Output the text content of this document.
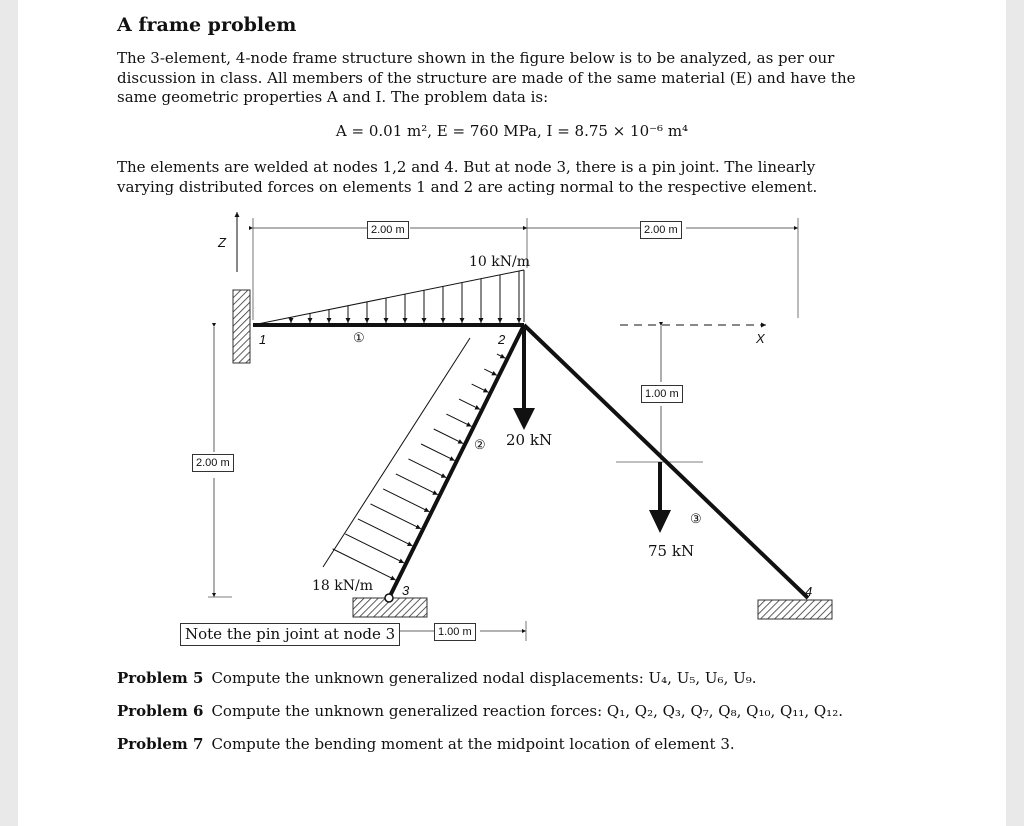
A frame problem
The 3-element, 4-node frame structure shown in the figure below is to be analyzed, as per our discussion in class. All members of the structure are made of the same material (E) and have the same geometric properties A and I. The problem data is:
A = 0.01 m², E = 760 MPa, I = 8.75 × 10⁻⁶ m⁴
The elements are welded at nodes 1,2 and 4. But at node 3, there is a pin joint. The linearly varying distributed forces on elements 1 and 2 are acting normal to the respective element.
Z
X
1	2
3	4
①
②
③
10 kN/m
18 kN/m
20 kN
75 kN
2.00 m	2.00 m
2.00 m
1.00 m
1.00 m
Note the pin joint at node 3
Problem 5 Compute the unknown generalized nodal displacements: U₄, U₅, U₆, U₉.
Problem 6 Compute the unknown generalized reaction forces: Q₁, Q₂, Q₃, Q₇, Q₈, Q₁₀, Q₁₁, Q₁₂.
Problem 7 Compute the bending moment at the midpoint location of element 3.
